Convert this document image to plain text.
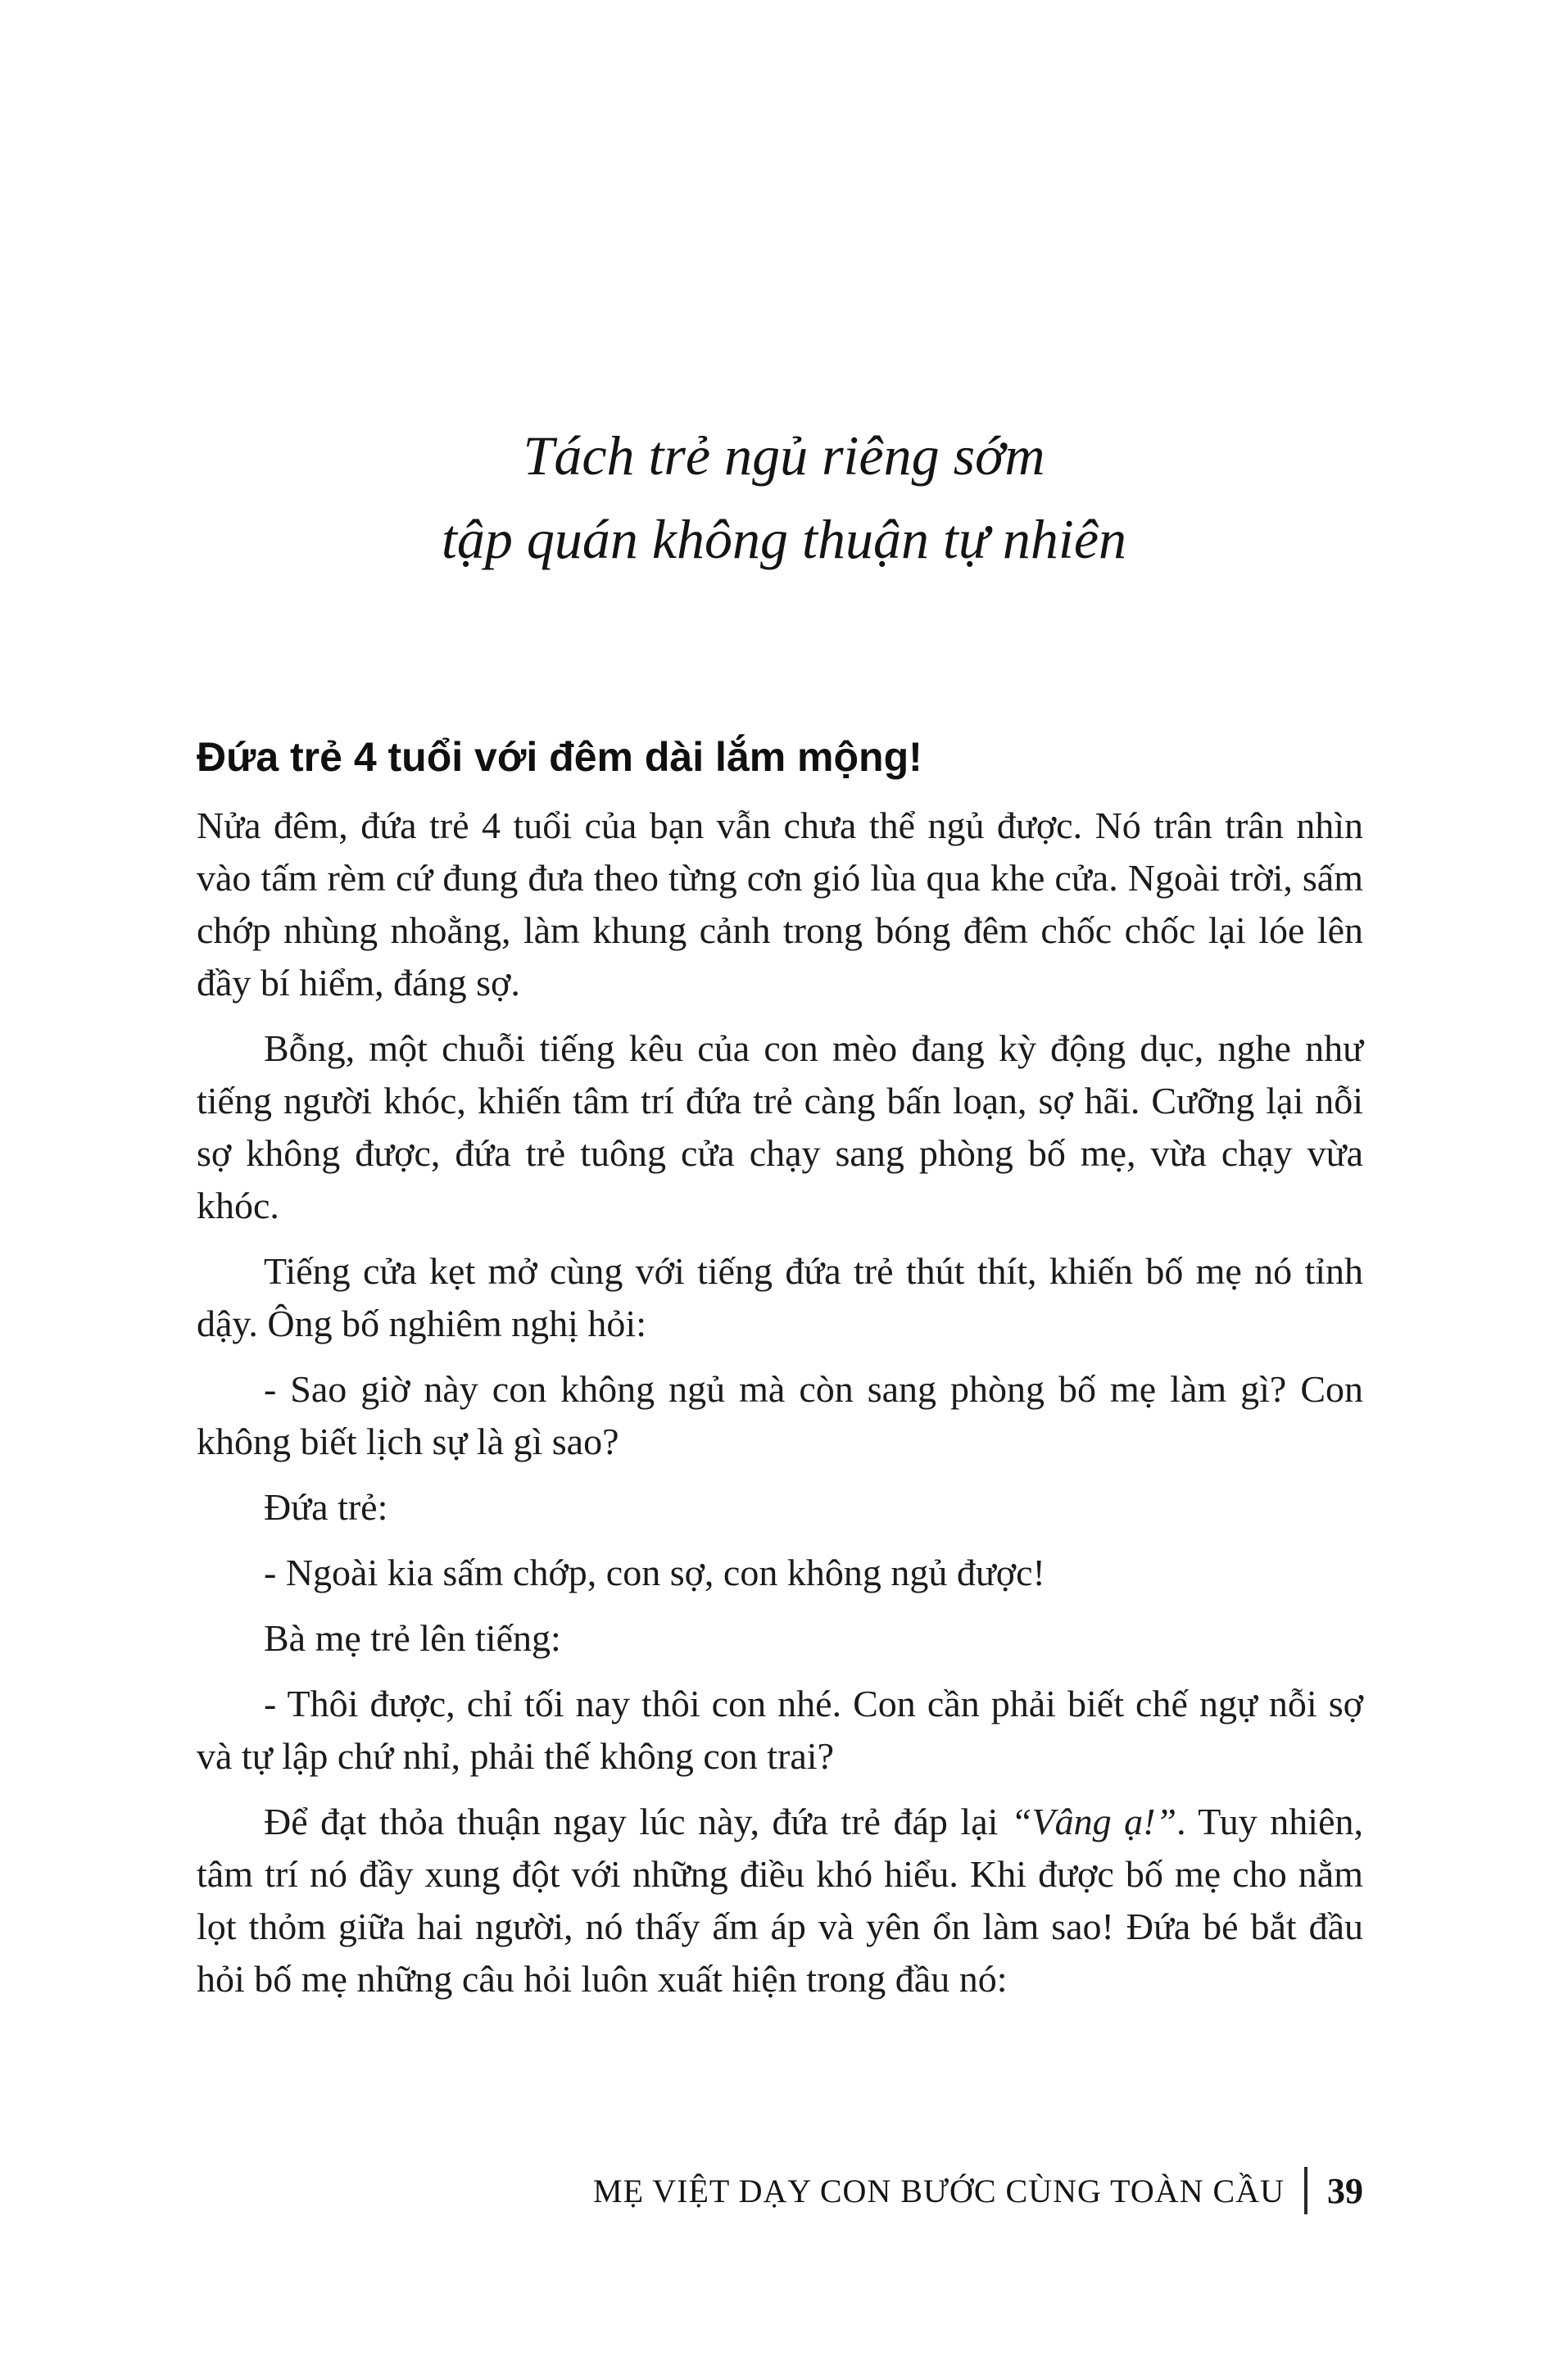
Tách trẻ ngủ riêng sớm
tập quán không thuận tự nhiên
Đứa trẻ 4 tuổi với đêm dài lắm mộng!

Nửa đêm, đứa trẻ 4 tuổi của bạn vẫn chưa thể ngủ được. Nó trân trân nhìn vào tấm rèm cứ đung đưa theo từng cơn gió lùa qua khe cửa. Ngoài trời, sấm chớp nhùng nhoằng, làm khung cảnh trong bóng đêm chốc chốc lại lóe lên đầy bí hiểm, đáng sợ.

Bỗng, một chuỗi tiếng kêu của con mèo đang kỳ động dục, nghe như tiếng người khóc, khiến tâm trí đứa trẻ càng bấn loạn, sợ hãi. Cưỡng lại nỗi sợ không được, đứa trẻ tuông cửa chạy sang phòng bố mẹ, vừa chạy vừa khóc.

Tiếng cửa kẹt mở cùng với tiếng đứa trẻ thút thít, khiến bố mẹ nó tỉnh dậy. Ông bố nghiêm nghị hỏi:

- Sao giờ này con không ngủ mà còn sang phòng bố mẹ làm gì? Con không biết lịch sự là gì sao?

Đứa trẻ:

- Ngoài kia sấm chớp, con sợ, con không ngủ được!

Bà mẹ trẻ lên tiếng:

- Thôi được, chỉ tối nay thôi con nhé. Con cần phải biết chế ngự nỗi sợ và tự lập chứ nhỉ, phải thế không con trai?

Để đạt thỏa thuận ngay lúc này, đứa trẻ đáp lại “Vâng ạ!”. Tuy nhiên, tâm trí nó đầy xung đột với những điều khó hiểu. Khi được bố mẹ cho nằm lọt thỏm giữa hai người, nó thấy ấm áp và yên ổn làm sao! Đứa bé bắt đầu hỏi bố mẹ những câu hỏi luôn xuất hiện trong đầu nó:

MẸ VIỆT DẠY CON BƯỚC CÙNG TOÀN CẦU 39
